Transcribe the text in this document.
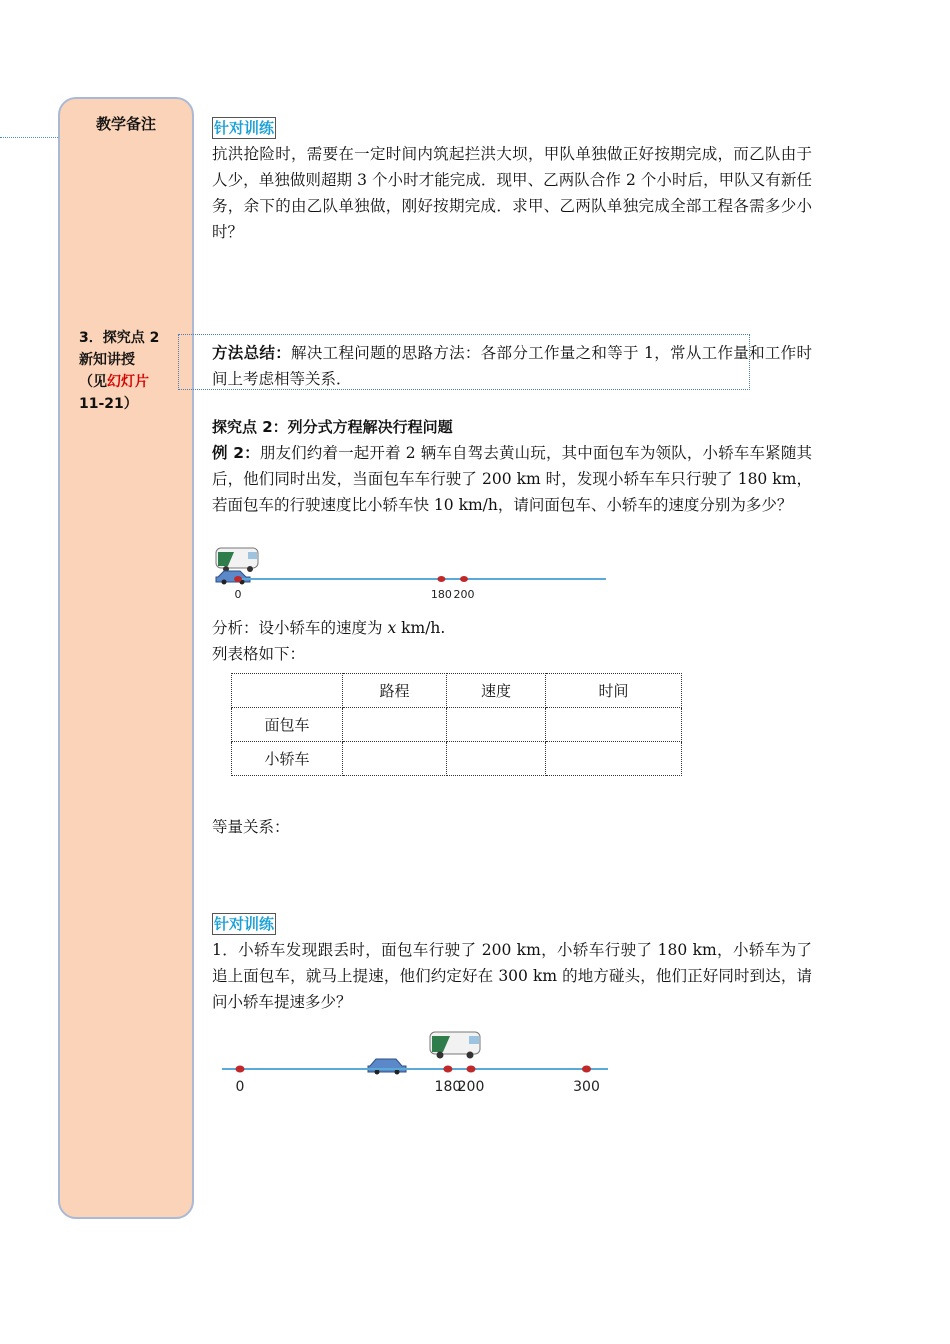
教学备注
3．探究点 2
新知讲授
（见幻灯片
11-21）
针对训练

抗洪抢险时，需要在一定时间内筑起拦洪大坝，甲队单独做正好按期完成，而乙队由于人少，单独做则超期 3 个小时才能完成．现甲、乙两队合作 2 个小时后，甲队又有新任务，余下的由乙队单独做，刚好按期完成．求甲、乙两队单独完成全部工程各需多少小时？

方法总结：解决工程问题的思路方法：各部分工作量之和等于 1，常从工作量和工作时间上考虑相等关系．

探究点 2：列分式方程解决行程问题

例 2：朋友们约着一起开着 2 辆车自驾去黄山玩，其中面包车为领队，小轿车车紧随其后，他们同时出发，当面包车车行驶了 200 km 时，发现小轿车车只行驶了 180 km，若面包车的行驶速度比小轿车快 10 km/h，请问面包车、小轿车的速度分别为多少？

0	180 200

分析：设小轿车的速度为 x km/h.

列表格如下：

	路程	速度	时间
面包车			
小轿车			

等量关系：

针对训练

1．小轿车发现跟丢时，面包车行驶了 200 km，小轿车行驶了 180 km，小轿车为了追上面包车，就马上提速，他们约定好在 300 km 的地方碰头，他们正好同时到达，请问小轿车提速多少？

0	180
200	300
